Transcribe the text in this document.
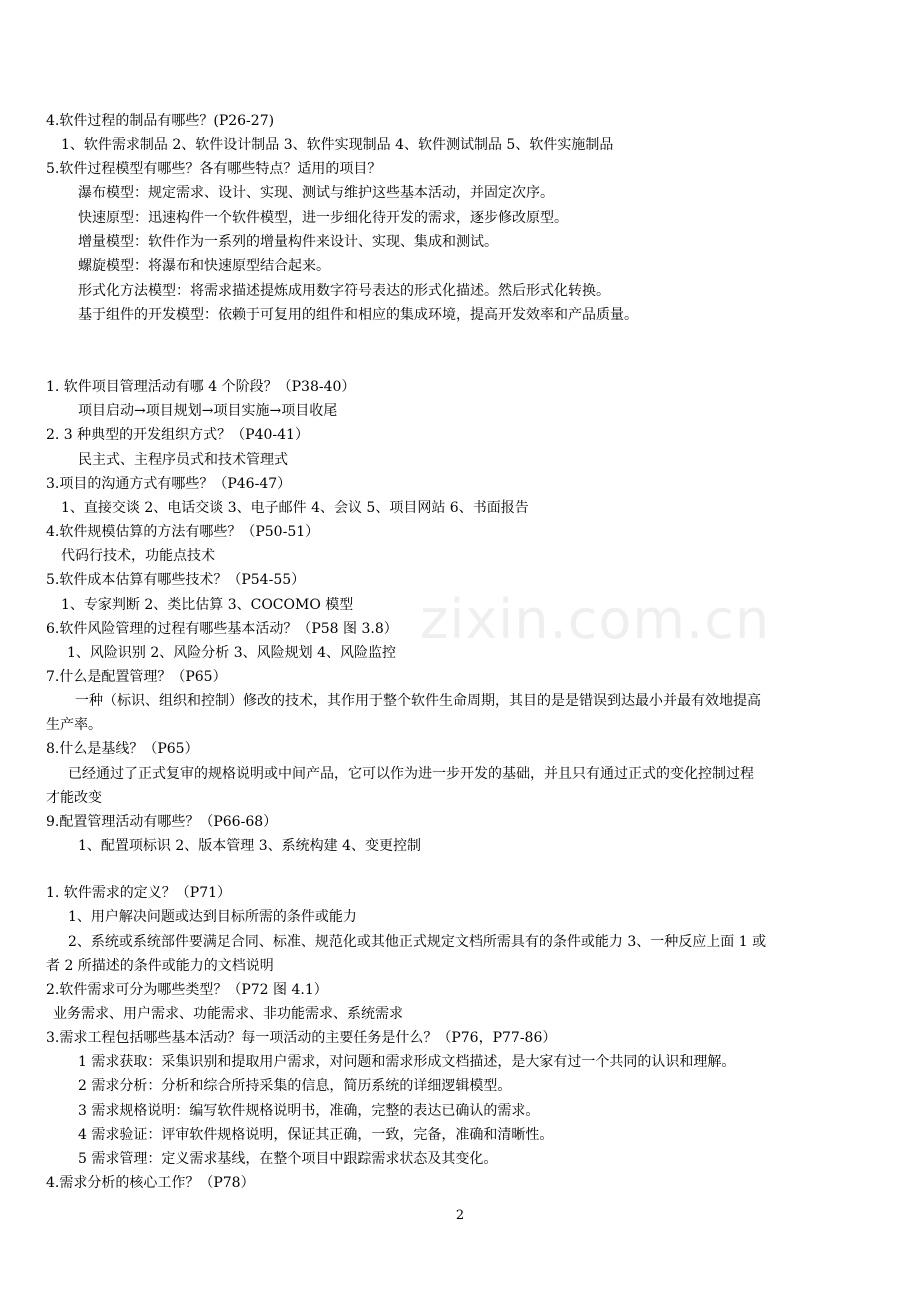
zixin.com.cn
4.软件过程的制品有哪些？(P26-27)
1、软件需求制品 2、软件设计制品 3、软件实现制品 4、软件测试制品 5、软件实施制品
5.软件过程模型有哪些？各有哪些特点？适用的项目？
瀑布模型：规定需求、设计、实现、测试与维护这些基本活动，并固定次序。
快速原型：迅速构件一个软件模型，进一步细化待开发的需求，逐步修改原型。
增量模型：软件作为一系列的增量构件来设计、实现、集成和测试。
螺旋模型：将瀑布和快速原型结合起来。
形式化方法模型：将需求描述提炼成用数字符号表达的形式化描述。然后形式化转换。
基于组件的开发模型：依赖于可复用的组件和相应的集成环境，提高开发效率和产品质量。
1. 软件项目管理活动有哪 4 个阶段？（P38-40）
项目启动→项目规划→项目实施→项目收尾
2. 3 种典型的开发组织方式？（P40-41）
民主式、主程序员式和技术管理式
3.项目的沟通方式有哪些？（P46-47）
1、直接交谈 2、电话交谈 3、电子邮件 4、会议 5、项目网站 6、书面报告
4.软件规模估算的方法有哪些？（P50-51）
代码行技术，功能点技术
5.软件成本估算有哪些技术？（P54-55）
1、专家判断 2、类比估算 3、COCOMO 模型
6.软件风险管理的过程有哪些基本活动？（P58 图 3.8）
1、风险识别 2、风险分析 3、风险规划 4、风险监控
7.什么是配置管理？（P65）
一种（标识、组织和控制）修改的技术，其作用于整个软件生命周期，其目的是是错误到达最小并最有效地提高
生产率。
8.什么是基线？（P65）
已经通过了正式复审的规格说明或中间产品，它可以作为进一步开发的基础，并且只有通过正式的变化控制过程
才能改变
9.配置管理活动有哪些？（P66-68）
1、配置项标识 2、版本管理 3、系统构建 4、变更控制
1. 软件需求的定义？（P71）
1、用户解决问题或达到目标所需的条件或能力
2、系统或系统部件要满足合同、标准、规范化或其他正式规定文档所需具有的条件或能力 3、一种反应上面 1 或
者 2 所描述的条件或能力的文档说明
2.软件需求可分为哪些类型？（P72 图 4.1）
业务需求、用户需求、功能需求、非功能需求、系统需求
3.需求工程包括哪些基本活动？每一项活动的主要任务是什么？（P76，P77-86）
1 需求获取：采集识别和提取用户需求，对问题和需求形成文档描述，是大家有过一个共同的认识和理解。
2 需求分析：分析和综合所持采集的信息，简历系统的详细逻辑模型。
3 需求规格说明：编写软件规格说明书，准确，完整的表达已确认的需求。
4 需求验证：评审软件规格说明，保证其正确，一致，完备，准确和清晰性。
5 需求管理：定义需求基线，在整个项目中跟踪需求状态及其变化。
4.需求分析的核心工作？（P78）
2
